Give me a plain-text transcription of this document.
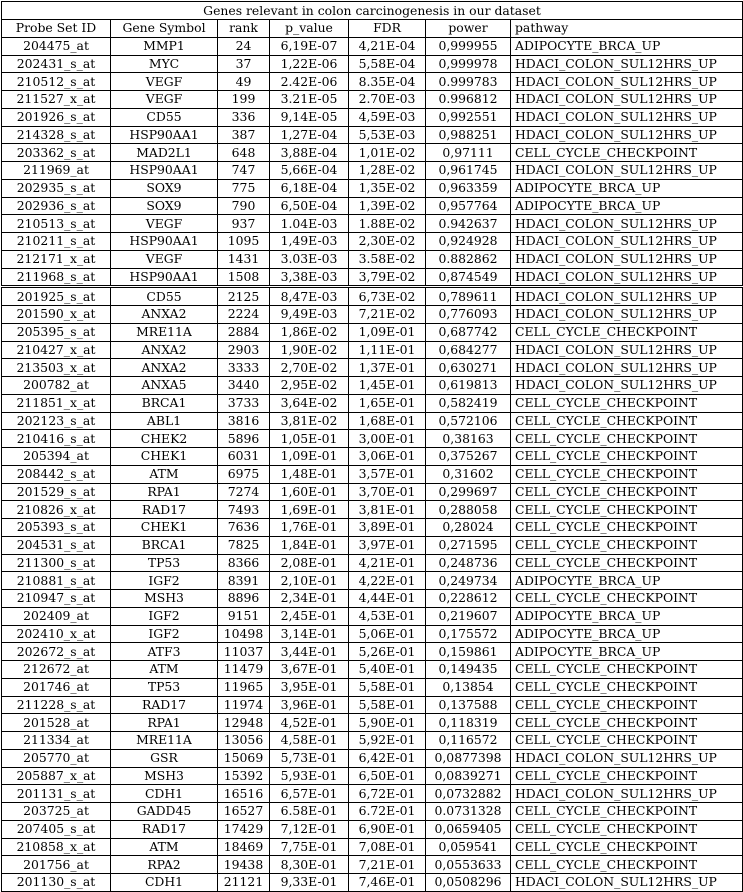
Genes relevant in colon carcinogenesis in our dataset
Probe Set ID	Gene Symbol	rank	p_value	FDR	power	pathway
204475_at	MMP1	24	6,19E-07	4,21E-04	0,999955	ADIPOCYTE_BRCA_UP
202431_s_at	MYC	37	1,22E-06	5,58E-04	0,999978	HDACI_COLON_SUL12HRS_UP
210512_s_at	VEGF	49	2.42E-06	8.35E-04	0.999783	HDACI_COLON_SUL12HRS_UP
211527_x_at	VEGF	199	3.21E-05	2.70E-03	0.996812	HDACI_COLON_SUL12HRS_UP
201926_s_at	CD55	336	9,14E-05	4,59E-03	0,992551	HDACI_COLON_SUL12HRS_UP
214328_s_at	HSP90AA1	387	1,27E-04	5,53E-03	0,988251	HDACI_COLON_SUL12HRS_UP
203362_s_at	MAD2L1	648	3,88E-04	1,01E-02	0,97111	CELL_CYCLE_CHECKPOINT
211969_at	HSP90AA1	747	5,66E-04	1,28E-02	0,961745	HDACI_COLON_SUL12HRS_UP
202935_s_at	SOX9	775	6,18E-04	1,35E-02	0,963359	ADIPOCYTE_BRCA_UP
202936_s_at	SOX9	790	6,50E-04	1,39E-02	0,957764	ADIPOCYTE_BRCA_UP
210513_s_at	VEGF	937	1.04E-03	1.88E-02	0.942637	HDACI_COLON_SUL12HRS_UP
210211_s_at	HSP90AA1	1095	1,49E-03	2,30E-02	0,924928	HDACI_COLON_SUL12HRS_UP
212171_x_at	VEGF	1431	3.03E-03	3.58E-02	0.882862	HDACI_COLON_SUL12HRS_UP
211968_s_at	HSP90AA1	1508	3,38E-03	3,79E-02	0,874549	HDACI_COLON_SUL12HRS_UP
201925_s_at	CD55	2125	8,47E-03	6,73E-02	0,789611	HDACI_COLON_SUL12HRS_UP
201590_x_at	ANXA2	2224	9,49E-03	7,21E-02	0,776093	HDACI_COLON_SUL12HRS_UP
205395_s_at	MRE11A	2884	1,86E-02	1,09E-01	0,687742	CELL_CYCLE_CHECKPOINT
210427_x_at	ANXA2	2903	1,90E-02	1,11E-01	0,684277	HDACI_COLON_SUL12HRS_UP
213503_x_at	ANXA2	3333	2,70E-02	1,37E-01	0,630271	HDACI_COLON_SUL12HRS_UP
200782_at	ANXA5	3440	2,95E-02	1,45E-01	0,619813	HDACI_COLON_SUL12HRS_UP
211851_x_at	BRCA1	3733	3,64E-02	1,65E-01	0,582419	CELL_CYCLE_CHECKPOINT
202123_s_at	ABL1	3816	3,81E-02	1,68E-01	0,572106	CELL_CYCLE_CHECKPOINT
210416_s_at	CHEK2	5896	1,05E-01	3,00E-01	0,38163	CELL_CYCLE_CHECKPOINT
205394_at	CHEK1	6031	1,09E-01	3,06E-01	0,375267	CELL_CYCLE_CHECKPOINT
208442_s_at	ATM	6975	1,48E-01	3,57E-01	0,31602	CELL_CYCLE_CHECKPOINT
201529_s_at	RPA1	7274	1,60E-01	3,70E-01	0,299697	CELL_CYCLE_CHECKPOINT
210826_x_at	RAD17	7493	1,69E-01	3,81E-01	0,288058	CELL_CYCLE_CHECKPOINT
205393_s_at	CHEK1	7636	1,76E-01	3,89E-01	0,28024	CELL_CYCLE_CHECKPOINT
204531_s_at	BRCA1	7825	1,84E-01	3,97E-01	0,271595	CELL_CYCLE_CHECKPOINT
211300_s_at	TP53	8366	2,08E-01	4,21E-01	0,248736	CELL_CYCLE_CHECKPOINT
210881_s_at	IGF2	8391	2,10E-01	4,22E-01	0,249734	ADIPOCYTE_BRCA_UP
210947_s_at	MSH3	8896	2,34E-01	4,44E-01	0,228612	CELL_CYCLE_CHECKPOINT
202409_at	IGF2	9151	2,45E-01	4,53E-01	0,219607	ADIPOCYTE_BRCA_UP
202410_x_at	IGF2	10498	3,14E-01	5,06E-01	0,175572	ADIPOCYTE_BRCA_UP
202672_s_at	ATF3	11037	3,44E-01	5,26E-01	0,159861	ADIPOCYTE_BRCA_UP
212672_at	ATM	11479	3,67E-01	5,40E-01	0,149435	CELL_CYCLE_CHECKPOINT
201746_at	TP53	11965	3,95E-01	5,58E-01	0,13854	CELL_CYCLE_CHECKPOINT
211228_s_at	RAD17	11974	3,96E-01	5,58E-01	0,137588	CELL_CYCLE_CHECKPOINT
201528_at	RPA1	12948	4,52E-01	5,90E-01	0,118319	CELL_CYCLE_CHECKPOINT
211334_at	MRE11A	13056	4,58E-01	5,92E-01	0,116572	CELL_CYCLE_CHECKPOINT
205770_at	GSR	15069	5,73E-01	6,42E-01	0,0877398	HDACI_COLON_SUL12HRS_UP
205887_x_at	MSH3	15392	5,93E-01	6,50E-01	0,0839271	CELL_CYCLE_CHECKPOINT
201131_s_at	CDH1	16516	6,57E-01	6,72E-01	0,0732882	HDACI_COLON_SUL12HRS_UP
203725_at	GADD45	16527	6.58E-01	6.72E-01	0.0731328	CELL_CYCLE_CHECKPOINT
207405_s_at	RAD17	17429	7,12E-01	6,90E-01	0,0659405	CELL_CYCLE_CHECKPOINT
210858_x_at	ATM	18469	7,75E-01	7,08E-01	0,059541	CELL_CYCLE_CHECKPOINT
201756_at	RPA2	19438	8,30E-01	7,21E-01	0,0553633	CELL_CYCLE_CHECKPOINT
201130_s_at	CDH1	21121	9,33E-01	7,46E-01	0,0508296	HDACI_COLON_SUL12HRS_UP
